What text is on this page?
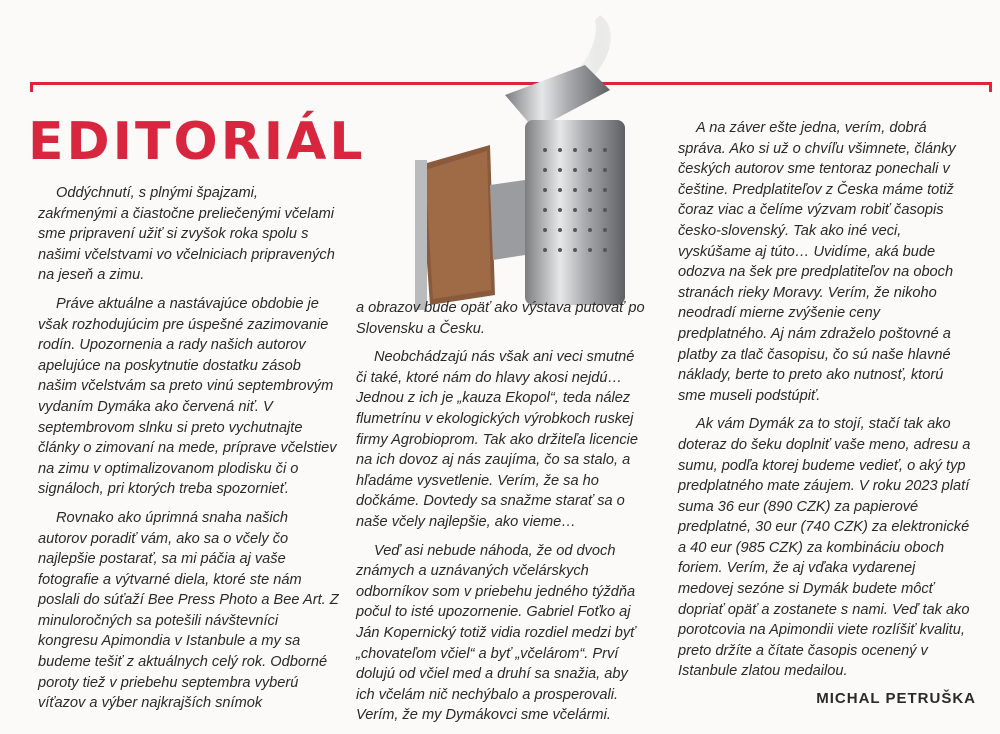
EDITORIÁL

Oddýchnutí, s plnými špajzami, zakŕmenými a čiastočne preliečenými včelami sme pripravení užiť si zvyšok roka spolu s našimi včelstvami vo včelniciach pripravených na jeseň a zimu.

Práve aktuálne a nastávajúce obdobie je však rozhodujúcim pre úspešné zazimovanie rodín. Upozornenia a rady našich autorov apelujúce na poskytnutie dostatku zásob našim včelstvám sa preto vinú septembrovým vydaním Dymáka ako červená niť. V septembrovom slnku si preto vychutnajte články o zimovaní na mede, príprave včelstiev na zimu v optimalizovanom plodisku či o signáloch, pri ktorých treba spozornieť.

Rovnako ako úprimná snaha našich autorov poradiť vám, ako sa o včely čo najlepšie postarať, sa mi páčia aj vaše fotografie a výtvarné diela, ktoré ste nám poslali do súťaží Bee Press Photo a Bee Art. Z minuloročných sa potešili návštevníci kongresu Apimondia v Istanbule a my sa budeme tešiť z aktuálnych celý rok. Odborné poroty tiež v priebehu septembra vyberú víťazov a výber najkrajších snímok

a obrazov bude opäť ako výstava putovať po Slovensku a Česku.

Neobchádzajú nás však ani veci smutné či také, ktoré nám do hlavy akosi nejdú… Jednou z ich je „kauza Ekopol“, teda nález flumetrínu v ekologických výrobkoch ruskej firmy Agrobioprom. Tak ako držiteľa licencie na ich dovoz aj nás zaujíma, čo sa stalo, a hľadáme vysvetlenie. Verím, že sa ho dočkáme. Dovtedy sa snažme starať sa o naše včely najlepšie, ako vieme…

Veď asi nebude náhoda, že od dvoch známych a uznávaných včelárskych odborníkov som v priebehu jedného týždňa počul to isté upozornenie. Gabriel Foťko aj Ján Kopernický totiž vidia rozdiel medzi byť „chovateľom včiel“ a byť „včelárom“. Prví dolujú od včiel med a druhí sa snažia, aby ich včelám nič nechýbalo a prosperovali. Verím, že my Dymákovci sme včelármi.

A na záver ešte jedna, verím, dobrá správa. Ako si už o chvíľu všimnete, články českých autorov sme tentoraz ponechali v češtine. Predplatiteľov z Česka máme totiž čoraz viac a čelíme výzvam robiť časopis česko-slovenský. Tak ako iné veci, vyskúšame aj túto… Uvidíme, aká bude odozva na šek pre predplatiteľov na oboch stranách rieky Moravy. Verím, že nikoho neodradí mierne zvýšenie ceny predplatného. Aj nám zdraželo poštovné a platby za tlač časopisu, čo sú naše hlavné náklady, berte to preto ako nutnosť, ktorú sme museli podstúpiť.

Ak vám Dymák za to stojí, stačí tak ako doteraz do šeku doplniť vaše meno, adresu a sumu, podľa ktorej budeme vedieť, o aký typ predplatného mate záujem. V roku 2023 platí suma 36 eur (890 CZK) za papierové predplatné, 30 eur (740 CZK) za elektronické a 40 eur (985 CZK) za kombináciu oboch foriem. Verím, že aj vďaka vydarenej medovej sezóne si Dymák budete môcť dopriať opäť a zostanete s nami. Veď tak ako porotcovia na Apimondii viete rozlíšiť kvalitu, preto držíte a čítate časopis ocenený v Istanbule zlatou medailou.

MICHAL PETRUŠKA
